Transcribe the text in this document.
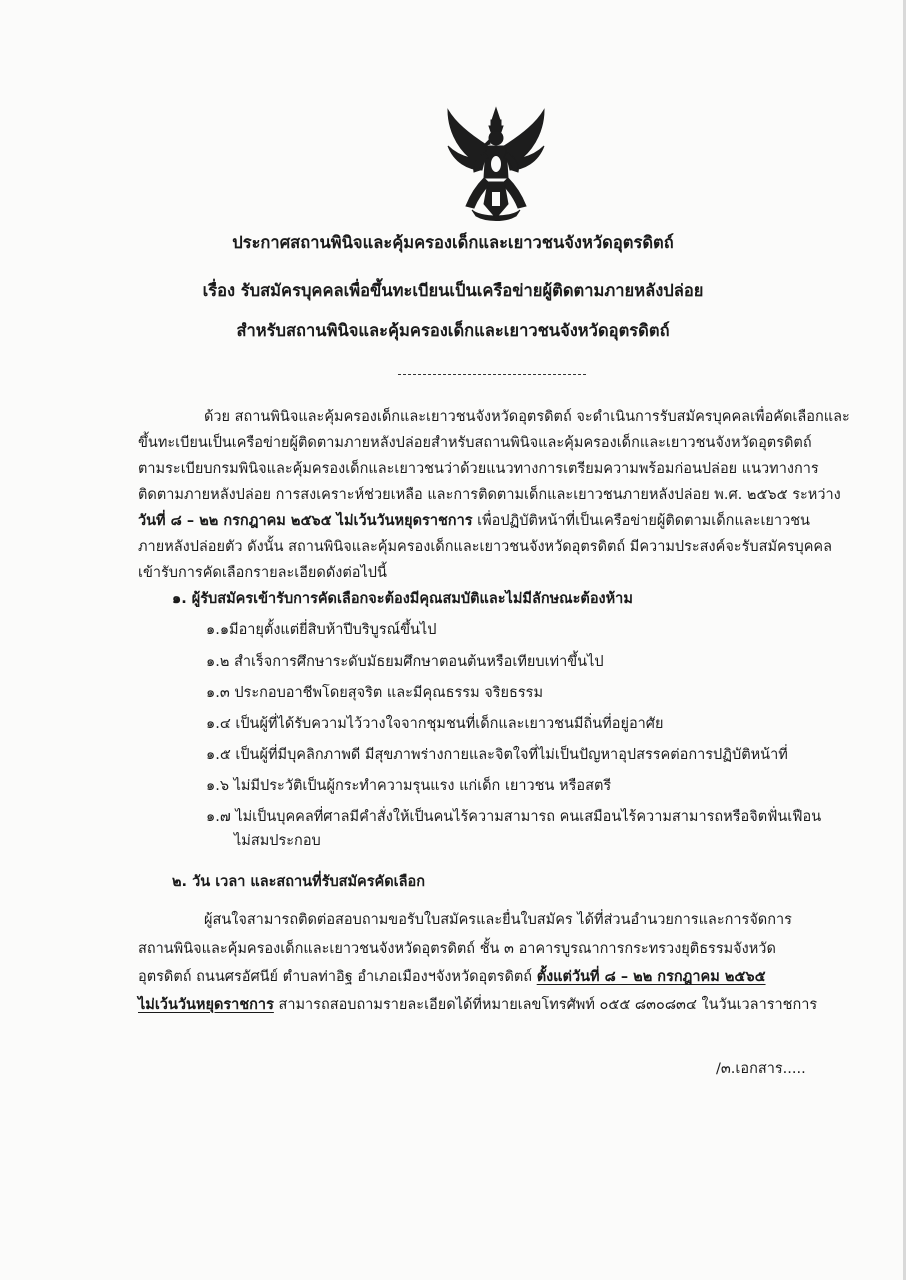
ประกาศสถานพินิจและคุ้มครองเด็กและเยาวชนจังหวัดอุตรดิตถ์
เรื่อง รับสมัครบุคคลเพื่อขึ้นทะเบียนเป็นเครือข่ายผู้ติดตามภายหลังปล่อย
สำหรับสถานพินิจและคุ้มครองเด็กและเยาวชนจังหวัดอุตรดิตถ์
ด้วย สถานพินิจและคุ้มครองเด็กและเยาวชนจังหวัดอุตรดิตถ์ จะดำเนินการรับสมัครบุคคลเพื่อคัดเลือกและ
ขึ้นทะเบียนเป็นเครือข่ายผู้ติดตามภายหลังปล่อยสำหรับสถานพินิจและคุ้มครองเด็กและเยาวชนจังหวัดอุตรดิตถ์
ตามระเบียบกรมพินิจและคุ้มครองเด็กและเยาวชนว่าด้วยแนวทางการเตรียมความพร้อมก่อนปล่อย แนวทางการ
ติดตามภายหลังปล่อย การสงเคราะห์ช่วยเหลือ และการติดตามเด็กและเยาวชนภายหลังปล่อย พ.ศ. ๒๕๖๕ ระหว่าง
วันที่ ๘ – ๒๒ กรกฎาคม ๒๕๖๕ ไม่เว้นวันหยุดราชการ เพื่อปฏิบัติหน้าที่เป็นเครือข่ายผู้ติดตามเด็กและเยาวชน
ภายหลังปล่อยตัว ดังนั้น สถานพินิจและคุ้มครองเด็กและเยาวชนจังหวัดอุตรดิตถ์ มีความประสงค์จะรับสมัครบุคคล
เข้ารับการคัดเลือกรายละเอียดดังต่อไปนี้
๑. ผู้รับสมัครเข้ารับการคัดเลือกจะต้องมีคุณสมบัติและไม่มีลักษณะต้องห้าม
๑.๑มีอายุตั้งแต่ยี่สิบห้าปีบริบูรณ์ขึ้นไป
๑.๒ สำเร็จการศึกษาระดับมัธยมศึกษาตอนต้นหรือเทียบเท่าขึ้นไป
๑.๓ ประกอบอาชีพโดยสุจริต และมีคุณธรรม จริยธรรม
๑.๔ เป็นผู้ที่ได้รับความไว้วางใจจากชุมชนที่เด็กและเยาวชนมีถิ่นที่อยู่อาศัย
๑.๕ เป็นผู้ที่มีบุคลิกภาพดี มีสุขภาพร่างกายและจิตใจที่ไม่เป็นปัญหาอุปสรรคต่อการปฏิบัติหน้าที่
๑.๖ ไม่มีประวัติเป็นผู้กระทำความรุนแรง แก่เด็ก เยาวชน หรือสตรี
๑.๗ ไม่เป็นบุคคลที่ศาลมีคำสั่งให้เป็นคนไร้ความสามารถ คนเสมือนไร้ความสามารถหรือจิตฟั่นเฟือน
ไม่สมประกอบ
๒. วัน เวลา และสถานที่รับสมัครคัดเลือก
ผู้สนใจสามารถติดต่อสอบถามขอรับใบสมัครและยื่นใบสมัคร ได้ที่ส่วนอำนวยการและการจัดการ
สถานพินิจและคุ้มครองเด็กและเยาวชนจังหวัดอุตรดิตถ์ ชั้น ๓ อาคารบูรณาการกระทรวงยุติธรรมจังหวัด
อุตรดิตถ์ ถนนศรอัศนีย์ ตำบลท่าอิฐ อำเภอเมืองฯจังหวัดอุตรดิตถ์ ตั้งแต่วันที่ ๘ – ๒๒ กรกฎาคม ๒๕๖๕
ไม่เว้นวันหยุดราชการ สามารถสอบถามรายละเอียดได้ที่หมายเลขโทรศัพท์ ๐๕๕ ๘๓๐๘๓๔ ในวันเวลาราชการ
/๓.เอกสาร.....
